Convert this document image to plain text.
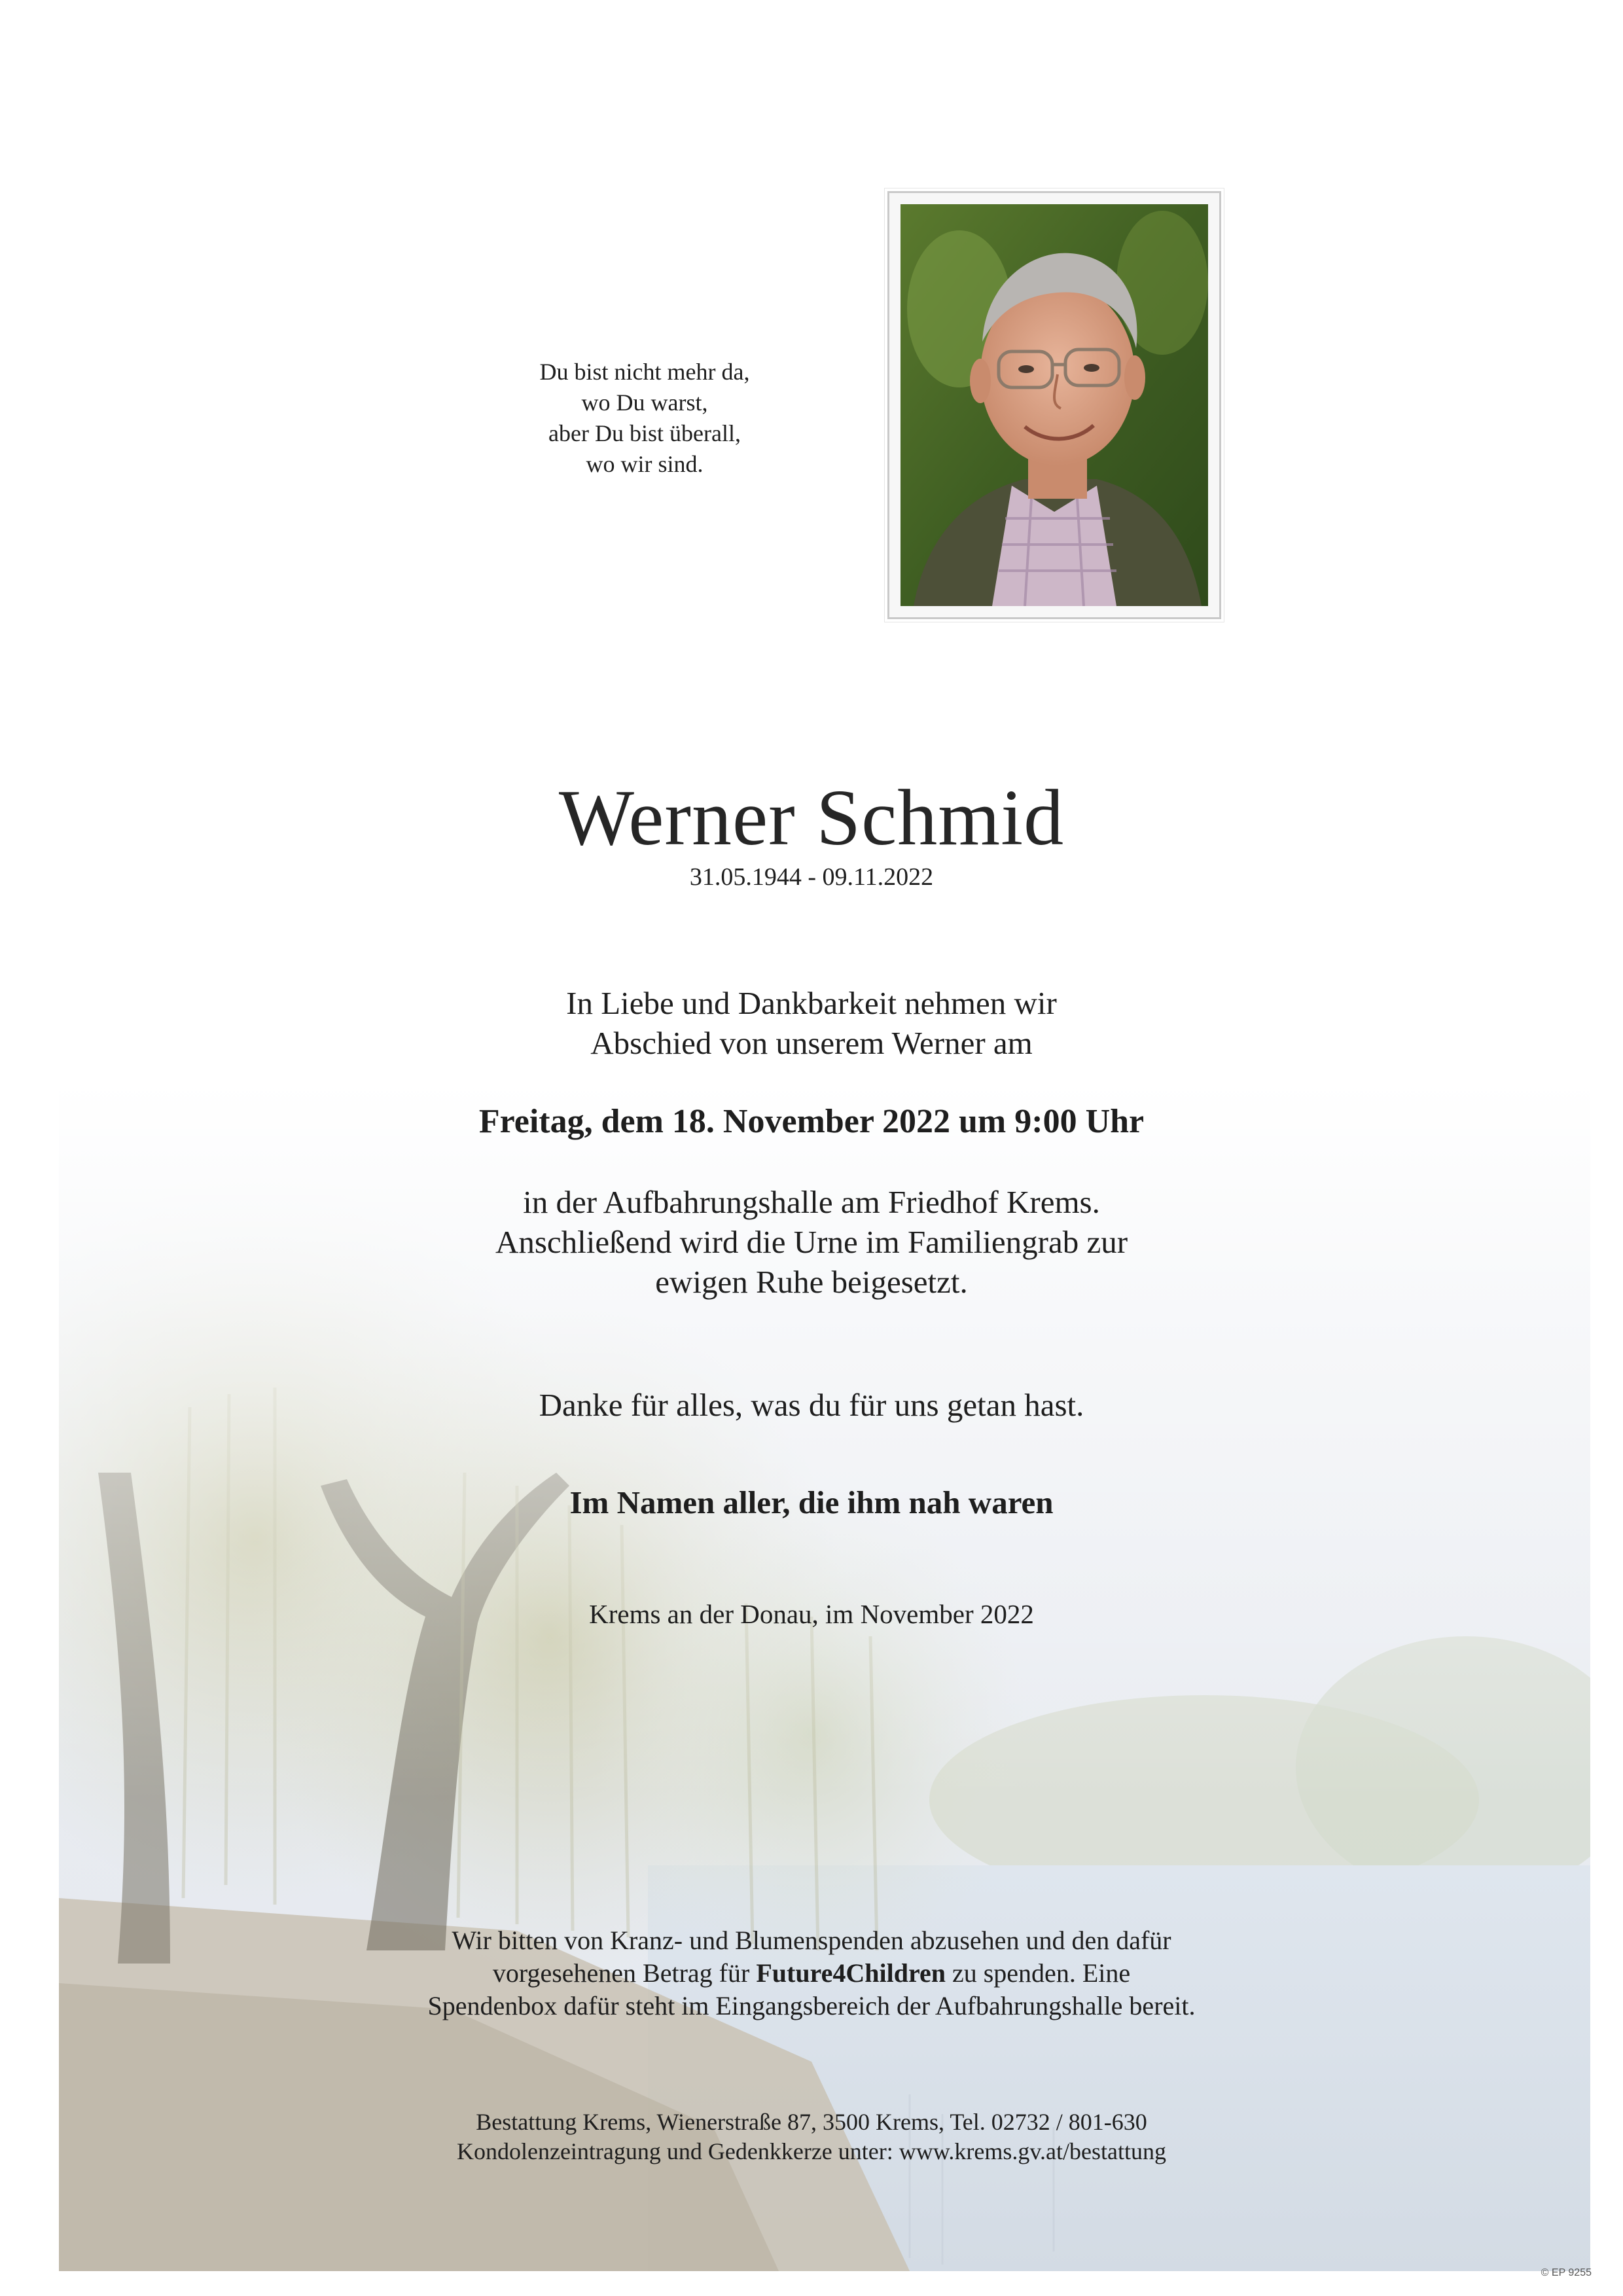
Du bist nicht mehr da,
wo Du warst,
aber Du bist überall,
wo wir sind.
Werner Schmid
31.05.1944 - 09.11.2022
In Liebe und Dankbarkeit nehmen wir
Abschied von unserem Werner am
Freitag, dem 18. November 2022 um 9:00 Uhr
in der Aufbahrungshalle am Friedhof Krems.
Anschließend wird die Urne im Familiengrab zur
ewigen Ruhe beigesetzt.
Danke für alles, was du für uns getan hast.
Im Namen aller, die ihm nah waren
Krems an der Donau, im November 2022
Wir bitten von Kranz- und Blumenspenden abzusehen und den dafür
vorgesehenen Betrag für Future4Children zu spenden. Eine
Spendenbox dafür steht im Eingangsbereich der Aufbahrungshalle bereit.
Bestattung Krems, Wienerstraße 87, 3500 Krems, Tel. 02732 / 801-630
Kondolenzeintragung und Gedenkkerze unter: www.krems.gv.at/bestattung
© EP 9255
